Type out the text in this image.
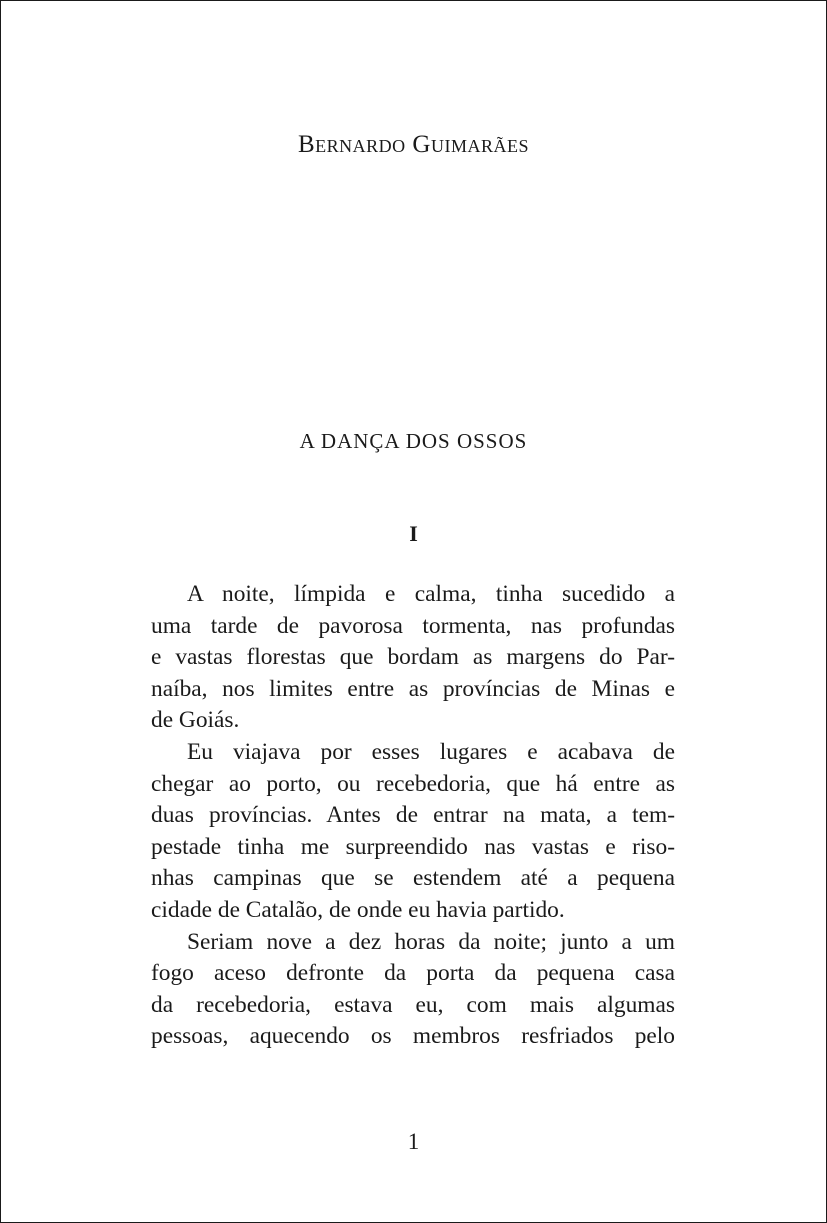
Bernardo Guimarães
A DANÇA DOS OSSOS
I
A noite, límpida e calma, tinha sucedido a
uma tarde de pavorosa tormenta, nas profundas
e vastas florestas que bordam as margens do Par-
naíba, nos limites entre as províncias de Minas e
de Goiás.
Eu viajava por esses lugares e acabava de
chegar ao porto, ou recebedoria, que há entre as
duas províncias. Antes de entrar na mata, a tem-
pestade tinha me surpreendido nas vastas e riso-
nhas campinas que se estendem até a pequena
cidade de Catalão, de onde eu havia partido.
Seriam nove a dez horas da noite; junto a um
fogo aceso defronte da porta da pequena casa
da recebedoria, estava eu, com mais algumas
pessoas, aquecendo os membros resfriados pelo
1
